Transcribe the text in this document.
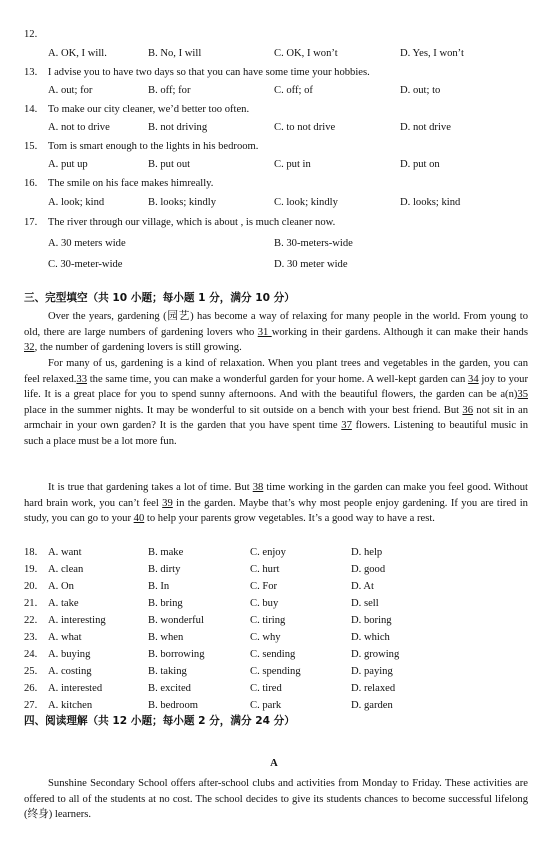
12.
A. OK, I will.	B. No, I will	C. OK, I won’t	D. Yes, I won’t
13. I advise you to have two days so that you can have some time your hobbies.
A. out; for	B. off; for	C. off; of	D. out; to
14. To make our city cleaner, we’d better too often.
A. not to drive	B. not driving	C. to not drive	D. not drive
15. Tom is smart enough to the lights in his bedroom.
A. put up	B. put out	C. put in	D. put on
16. The smile on his face makes himreally.
A. look; kind	B. looks; kindly	C. look; kindly	D. looks; kind
17. The river through our village, which is about , is much cleaner now.
A. 30 meters wide	B. 30-meters-wide
C. 30-meter-wide	D. 30 meter wide
三、完型填空（共 10 小题；每小题 1 分，满分 10 分）
Over the years, gardening (园艺) has become a way of relaxing for many people in the world. From young to old, there are large numbers of gardening lovers who 31 working in their gardens. Although it can make their hands 32, the number of gardening lovers is still growing.
For many of us, gardening is a kind of relaxation. When you plant trees and vegetables in the garden, you can feel relaxed.33 the same time, you can make a wonderful garden for your home. A well-kept garden can 34 joy to your life. It is a great place for you to spend sunny afternoons. And with the beautiful flowers, the garden can be a(n)35 place in the summer nights. It may be wonderful to sit outside on a bench with your best friend. But 36 not sit in an armchair in your own garden? It is the garden that you have spent time 37 flowers. Listening to beautiful music in such a place must be a lot more fun.
It is true that gardening takes a lot of time. But 38 time working in the garden can make you feel good. Without hard brain work, you can’t feel 39 in the garden. Maybe that’s why most people enjoy gardening. If you are tired in study, you can go to your 40 to help your parents grow vegetables. It’s a good way to have a rest.
18. A. want	B. make	C. enjoy	D. help
19. A. clean	B. dirty	C. hurt	D. good
20. A. On	B. In	C. For	D. At
21. A. take	B. bring	C. buy	D. sell
22. A. interesting	B. wonderful	C. tiring	D. boring
23. A. what	B. when	C. why	D. which
24. A. buying	B. borrowing	C. sending	D. growing
25. A. costing	B. taking	C. spending	D. paying
26. A. interested	B. excited	C. tired	D. relaxed
27. A. kitchen	B. bedroom	C. park	D. garden
四、阅读理解（共 12 小题；每小题 2 分，满分 24 分）
A
Sunshine Secondary School offers after-school clubs and activities from Monday to Friday. These activities are offered to all of the students at no cost. The school decides to give its students chances to become successful lifelong (终身) learners.
